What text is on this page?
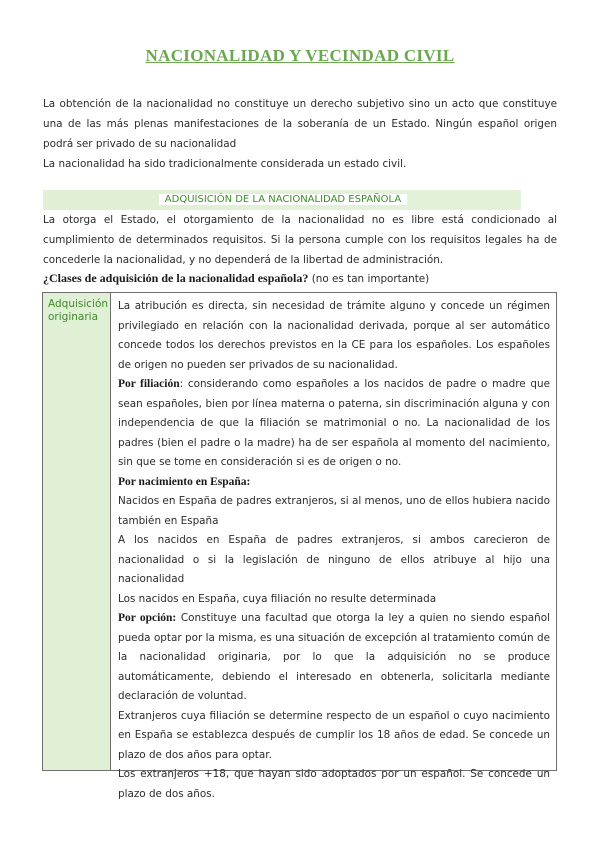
NACIONALIDAD Y VECINDAD CIVIL
La obtención de la nacionalidad no constituye un derecho subjetivo sino un acto que constituye una de las más plenas manifestaciones de la soberanía de un Estado. Ningún español origen podrá ser privado de su nacionalidad
La nacionalidad ha sido tradicionalmente considerada un estado civil.
ADQUISICIÓN DE LA NACIONALIDAD ESPAÑOLA
La otorga el Estado, el otorgamiento de la nacionalidad no es libre está condicionado al cumplimiento de determinados requisitos. Si la persona cumple con los requisitos legales ha de concederle la nacionalidad, y no dependerá de la libertad de administración.
¿Clases de adquisición de la nacionalidad española? (no es tan importante)
Adquisición originaria

La atribución es directa, sin necesidad de trámite alguno y concede un régimen privilegiado en relación con la nacionalidad derivada, porque al ser automático concede todos los derechos previstos en la CE para los españoles. Los españoles de origen no pueden ser privados de su nacionalidad.

Por filiación: considerando como españoles a los nacidos de padre o madre que sean españoles, bien por línea materna o paterna, sin discriminación alguna y con independencia de que la filiación se matrimonial o no. La nacionalidad de los padres (bien el padre o la madre) ha de ser española al momento del nacimiento, sin que se tome en consideración si es de origen o no.

Por nacimiento en España:

Nacidos en España de padres extranjeros, si al menos, uno de ellos hubiera nacido también en España

A los nacidos en España de padres extranjeros, si ambos carecieron de nacionalidad o si la legislación de ninguno de ellos atribuye al hijo una nacionalidad

Los nacidos en España, cuya filiación no resulte determinada

Por opción: Constituye una facultad que otorga la ley a quien no siendo español pueda optar por la misma, es una situación de excepción al tratamiento común de la nacionalidad originaria, por lo que la adquisición no se produce automáticamente, debiendo el interesado en obtenerla, solicitarla mediante declaración de voluntad.

Extranjeros cuya filiación se determine respecto de un español o cuyo nacimiento en España se establezca después de cumplir los 18 años de edad. Se concede un plazo de dos años para optar.

Los extranjeros +18, que hayan sido adoptados por un español. Se concede un plazo de dos años.
